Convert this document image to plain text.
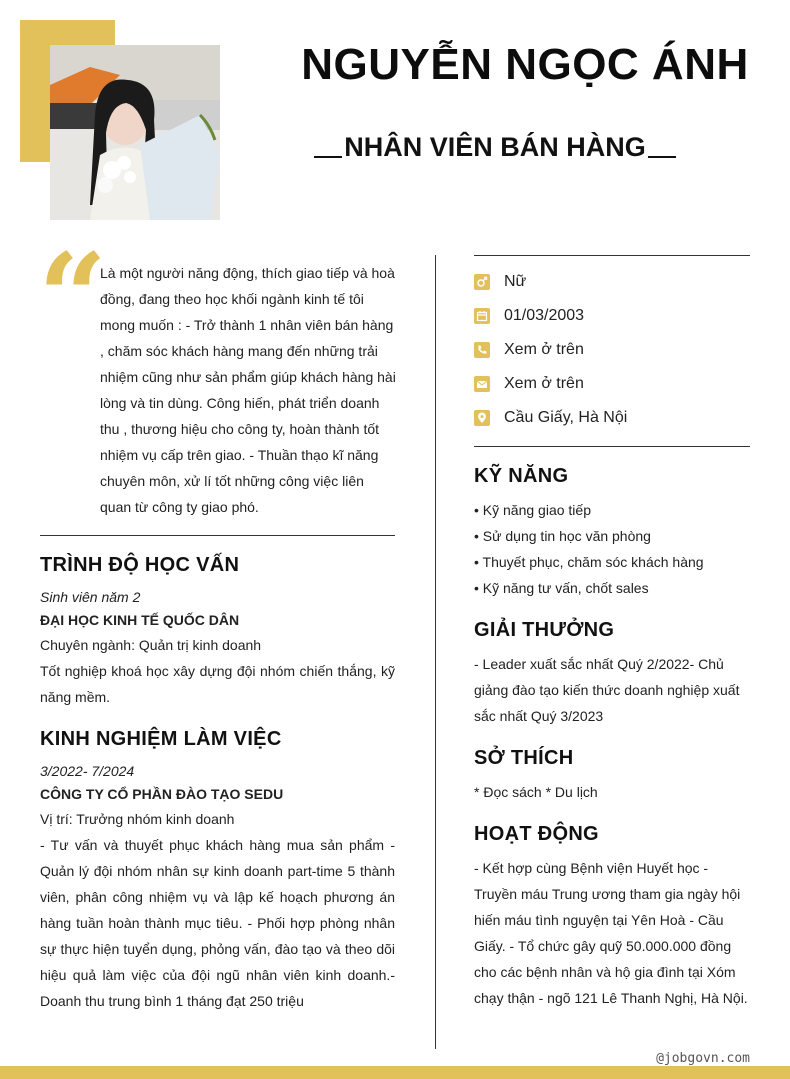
NGUYỄN NGỌC ÁNH
NHÂN VIÊN BÁN HÀNG
“
Là một người năng động, thích giao tiếp và hoà đồng, đang theo học khối ngành kinh tế tôi mong muốn : - Trở thành 1 nhân viên bán hàng , chăm sóc khách hàng mang đến những trải nhiệm cũng như sản phẩm giúp khách hàng hài lòng và tin dùng. Công hiến, phát triển doanh thu , thương hiệu cho công ty, hoàn thành tốt nhiệm vụ cấp trên giao. - Thuần thạo kĩ năng chuyên môn, xử lí tốt những công việc liên quan từ công ty giao phó.
TRÌNH ĐỘ HỌC VẤN
Sinh viên năm 2
ĐẠI HỌC KINH TẾ QUỐC DÂN
Chuyên ngành: Quản trị kinh doanh
Tốt nghiệp khoá học xây dựng đội nhóm chiến thắng, kỹ năng mềm.
KINH NGHIỆM LÀM VIỆC
3/2022- 7/2024
CÔNG TY CỔ PHẦN ĐÀO TẠO SEDU
Vị trí: Trưởng nhóm kinh doanh
- Tư vấn và thuyết phục khách hàng mua sản phẩm - Quản lý đội nhóm nhân sự kinh doanh part-time 5 thành viên, phân công nhiệm vụ và lập kế hoạch phương án hàng tuần hoàn thành mục tiêu. - Phối hợp phòng nhân sự thực hiện tuyển dụng, phỏng vấn, đào tạo và theo dõi hiệu quả làm việc của đội ngũ nhân viên kinh doanh.- Doanh thu trung bình 1 tháng đạt 250 triệu
Nữ
01/03/2003
Xem ở trên
Xem ở trên
Cầu Giấy, Hà Nội
KỸ NĂNG
• Kỹ năng giao tiếp
• Sử dụng tin học văn phòng
• Thuyết phục, chăm sóc khách hàng
• Kỹ năng tư vấn, chốt sales
GIẢI THƯỞNG
- Leader xuất sắc nhất Quý 2/2022- Chủ giảng đào tạo kiến thức doanh nghiệp xuất sắc nhất Quý 3/2023
SỞ THÍCH
* Đọc sách * Du lịch
HOẠT ĐỘNG
- Kết hợp cùng Bệnh viện Huyết học - Truyền máu Trung ương tham gia ngày hội hiến máu tình nguyện tại Yên Hoà - Cầu Giấy. - Tổ chức gây quỹ 50.000.000 đồng cho các bệnh nhân và hộ gia đình tại Xóm chạy thận - ngõ 121 Lê Thanh Nghị, Hà Nội.
@jobgovn.com
